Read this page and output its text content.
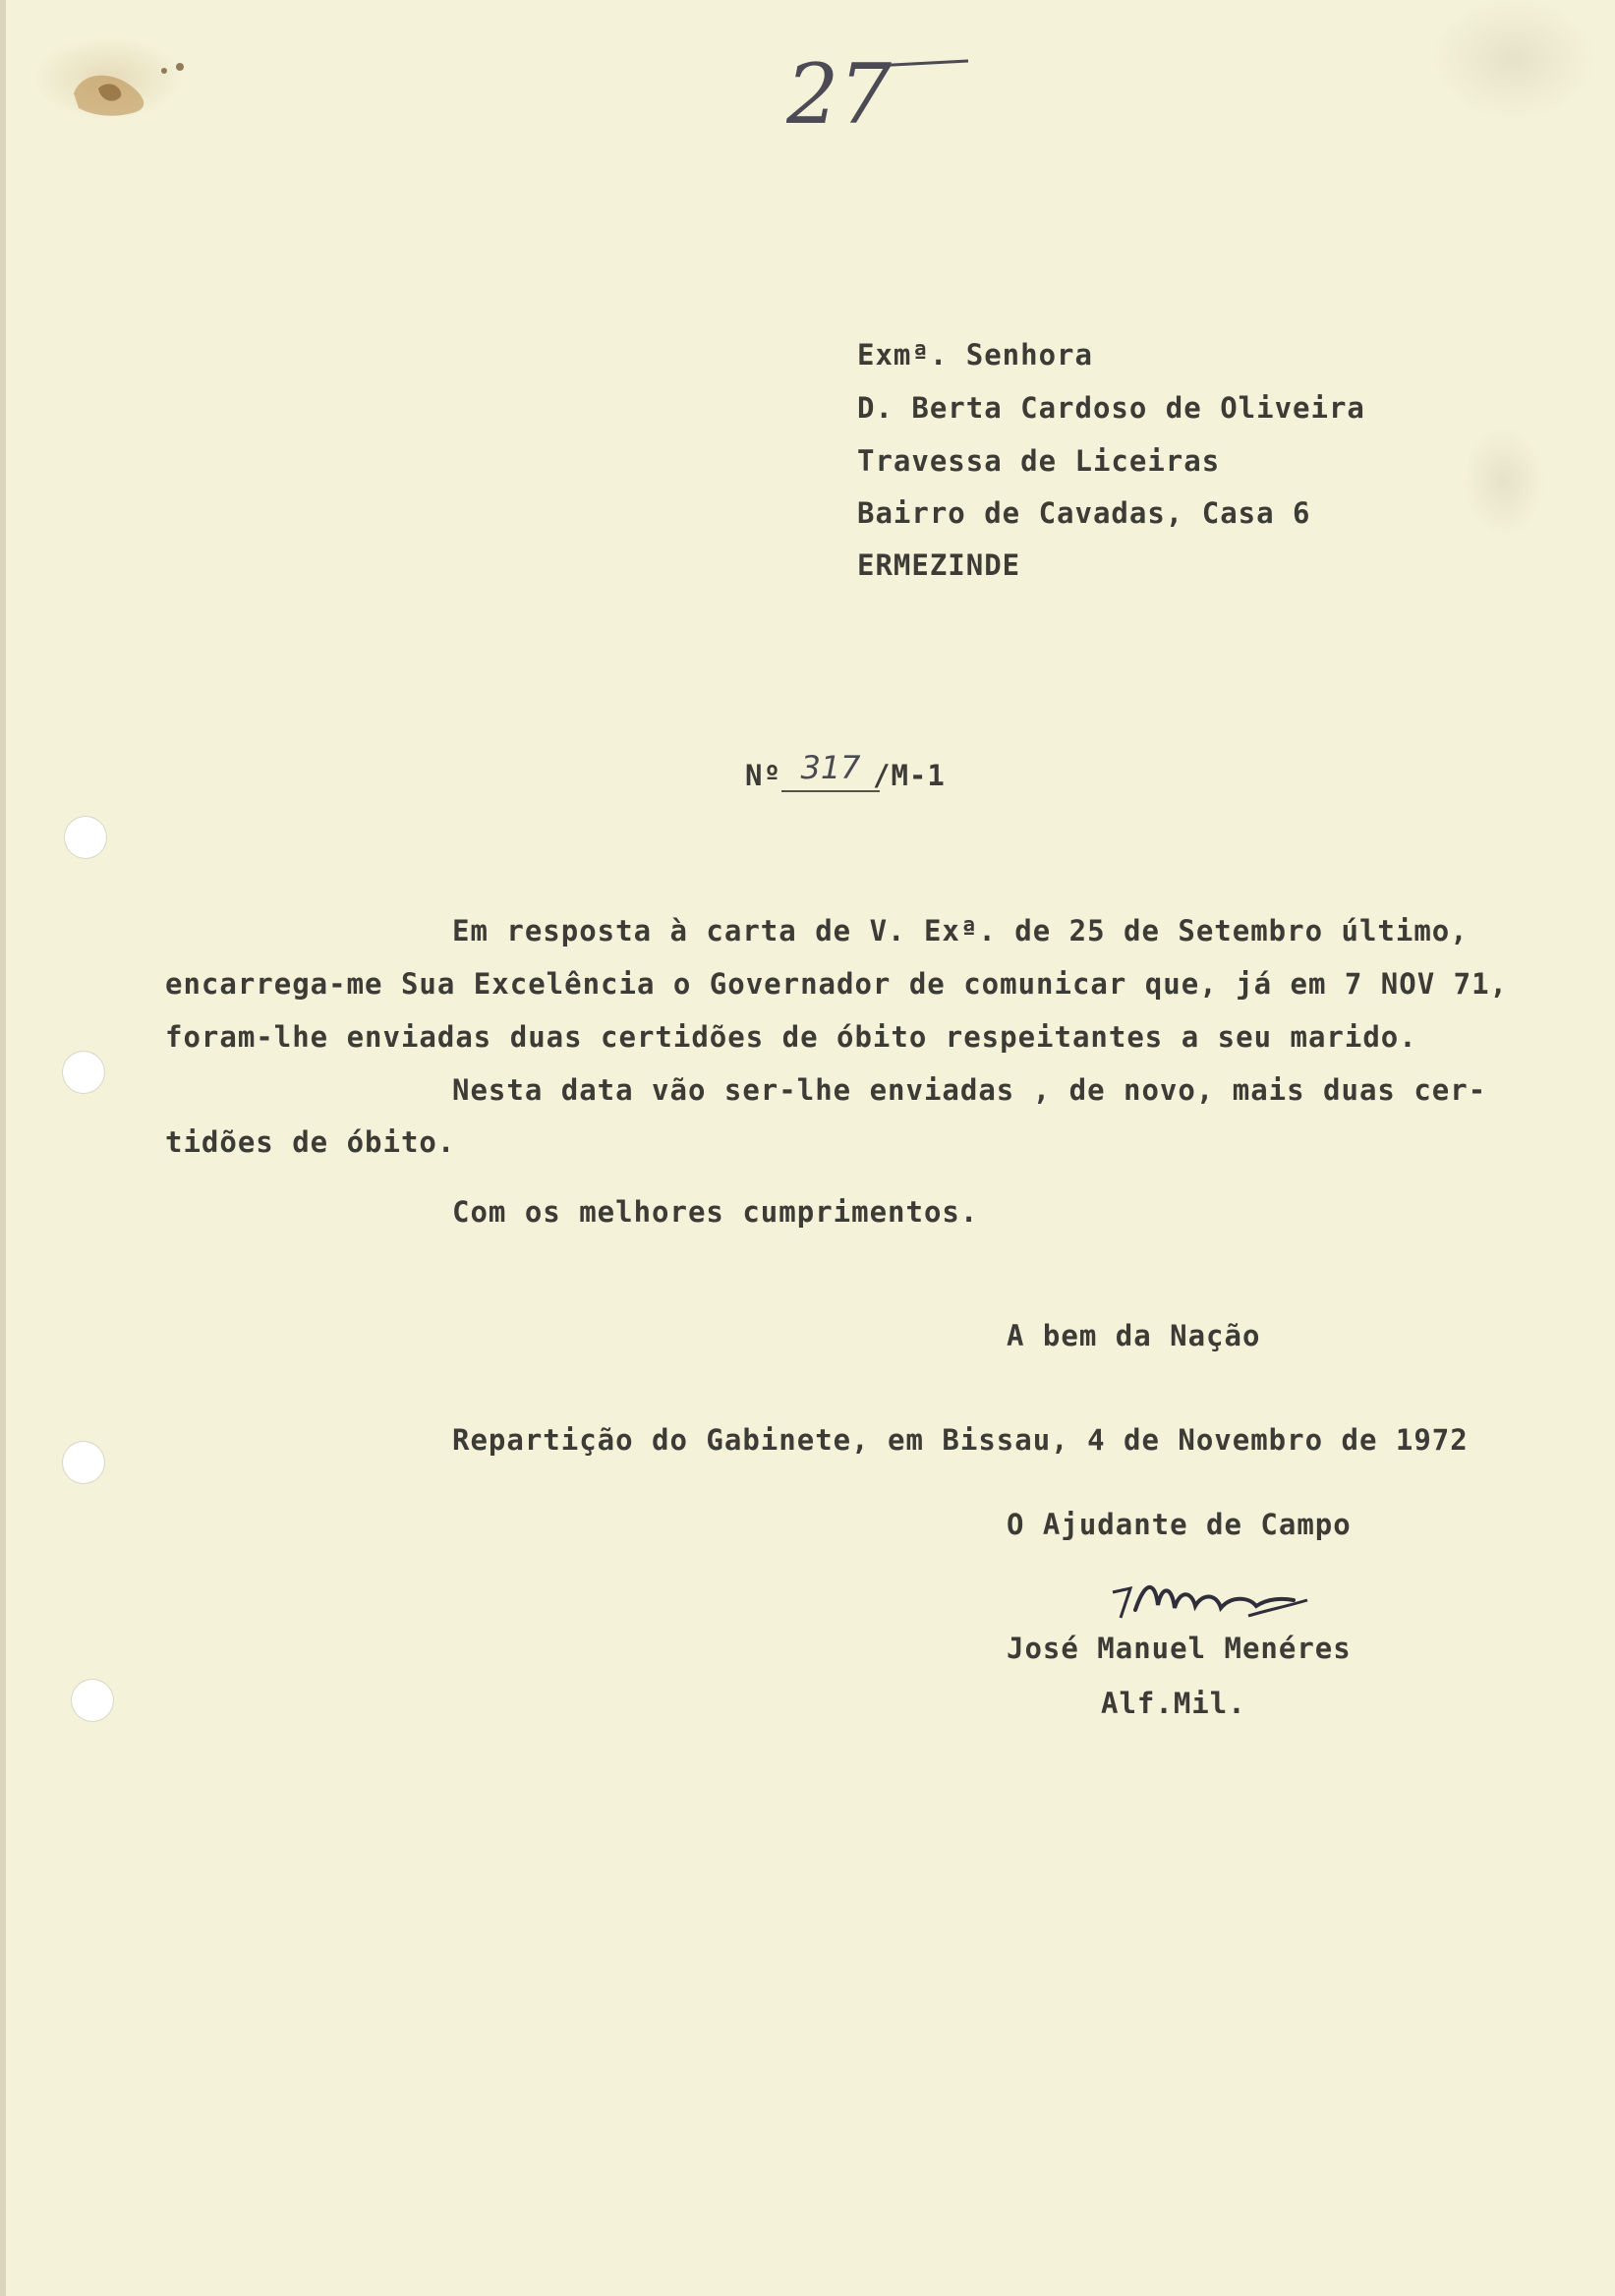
27
Exmª. Senhora
D. Berta Cardoso de Oliveira
Travessa de Liceiras
Bairro de Cavadas, Casa 6
ERMEZINDE
Nº 317 /M-1
Em resposta à carta de V. Exª. de 25 de Setembro último,
encarrega-me Sua Excelência o Governador de comunicar que, já em 7 NOV 71,
foram-lhe enviadas duas certidões de óbito respeitantes a seu marido.
Nesta data vão ser-lhe enviadas , de novo, mais duas cer-
tidões de óbito.
Com os melhores cumprimentos.
A bem da Nação
Repartição do Gabinete, em Bissau, 4 de Novembro de 1972
O Ajudante de Campo
José Manuel Menéres
Alf.Mil.
